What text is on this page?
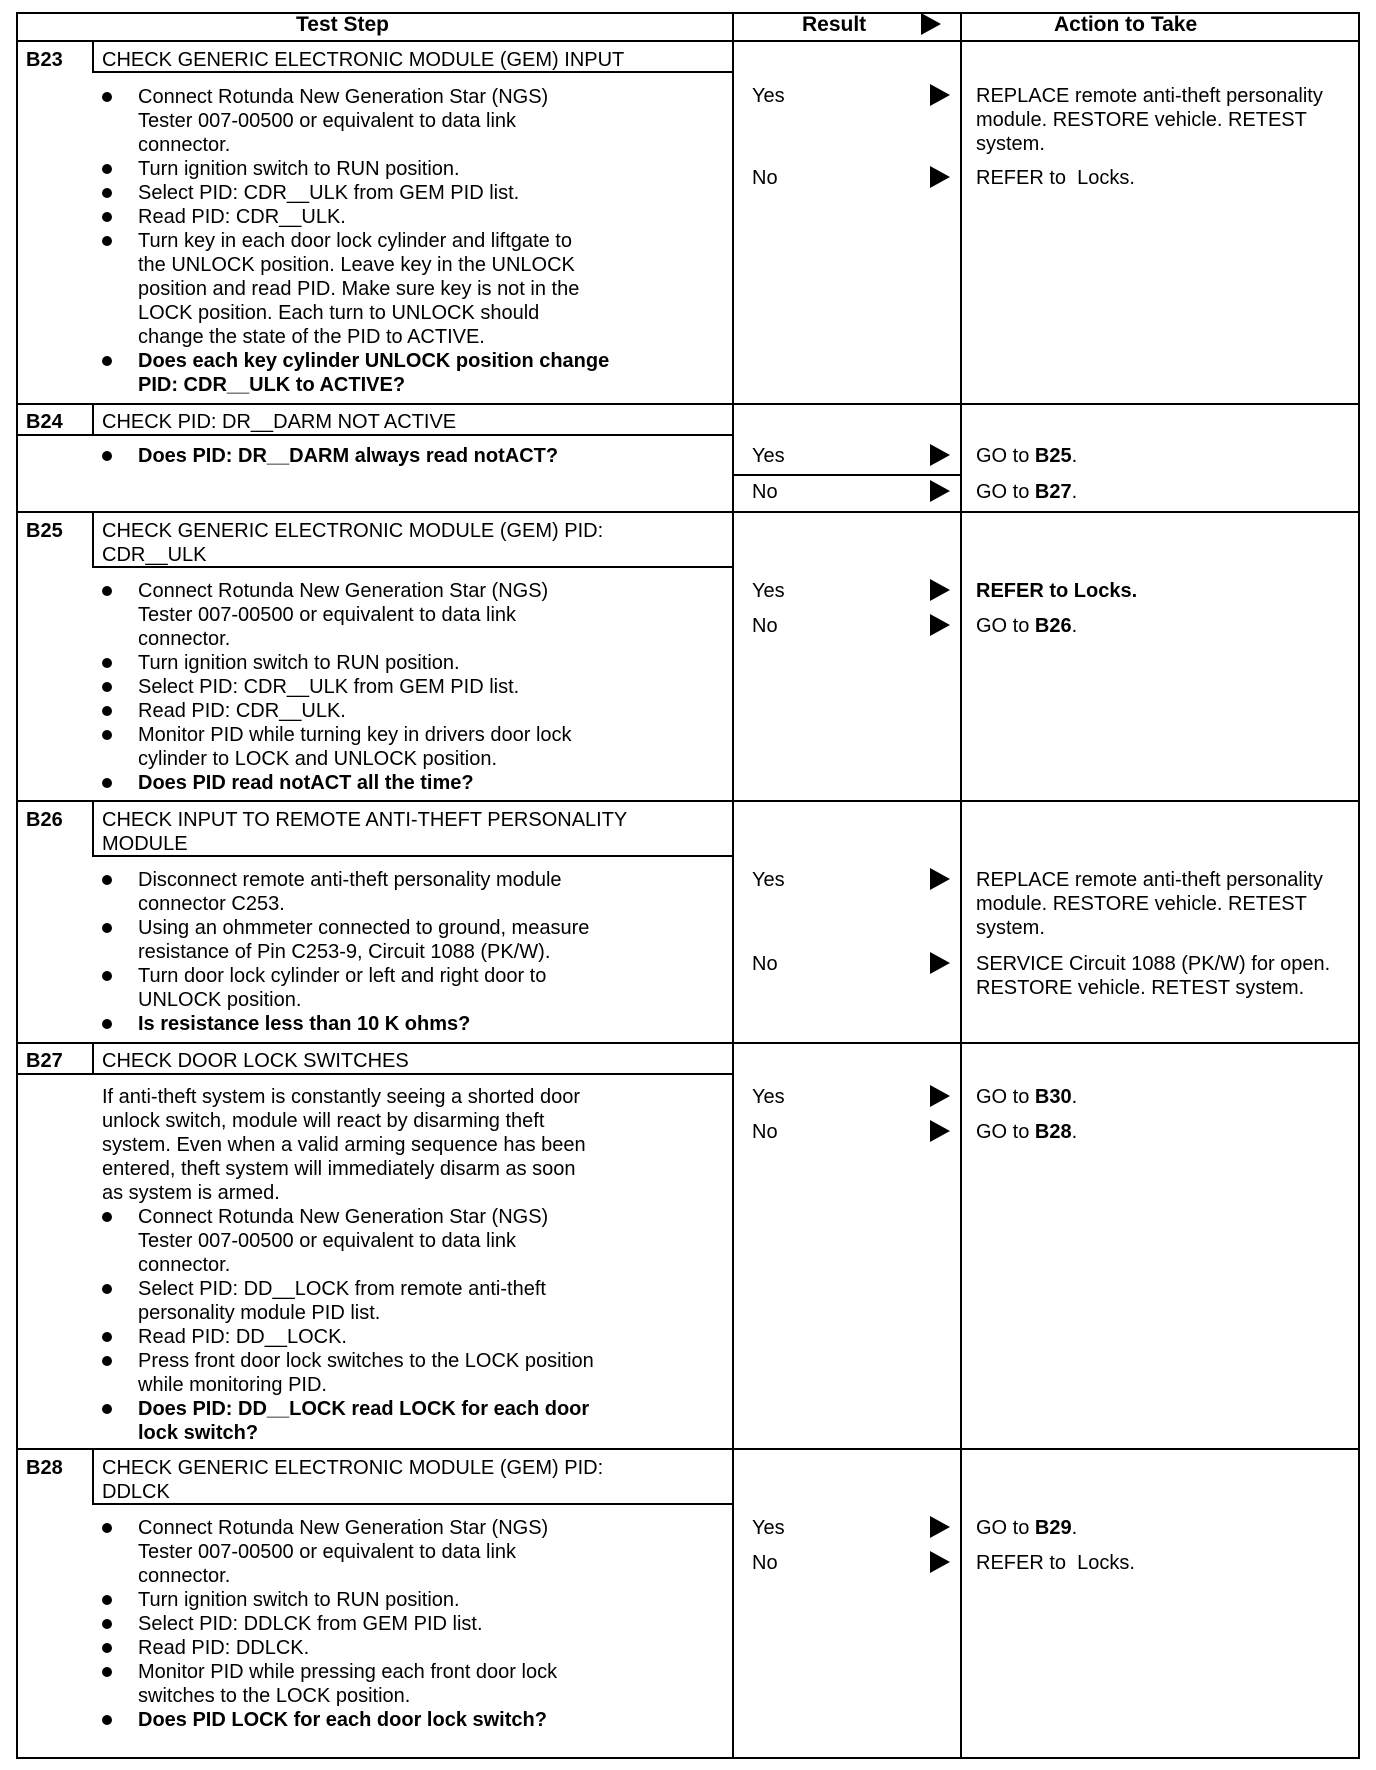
Test Step	Result	Action to Take
B23 CHECK GENERIC ELECTRONIC MODULE (GEM) INPUT
Connect Rotunda New Generation Star (NGS)
Tester 007-00500 or equivalent to data link
connector.
Turn ignition switch to RUN position.
Select PID: CDR__ULK from GEM PID list.
Read PID: CDR__ULK.
Turn key in each door lock cylinder and liftgate to
the UNLOCK position. Leave key in the UNLOCK
position and read PID. Make sure key is not in the
LOCK position. Each turn to UNLOCK should
change the state of the PID to ACTIVE.
Does each key cylinder UNLOCK position change
PID: CDR__ULK to ACTIVE?
Yes	REPLACE remote anti-theft personality module. RESTORE vehicle. RETEST system.
No	REFER to  Locks.
B24 CHECK PID: DR__DARM NOT ACTIVE
Does PID: DR__DARM always read notACT?	Yes	GO to B25.
No	GO to B27.
B25 CHECK GENERIC ELECTRONIC MODULE (GEM) PID:
CDR__ULK
Connect Rotunda New Generation Star (NGS)
Tester 007-00500 or equivalent to data link
connector.
Turn ignition switch to RUN position.
Select PID: CDR__ULK from GEM PID list.
Read PID: CDR__ULK.
Monitor PID while turning key in drivers door lock
cylinder to LOCK and UNLOCK position.
Does PID read notACT all the time?
Yes	REFER to Locks.
No	GO to B26.
B26 CHECK INPUT TO REMOTE ANTI-THEFT PERSONALITY
MODULE
Disconnect remote anti-theft personality module
connector C253.
Using an ohmmeter connected to ground, measure
resistance of Pin C253-9, Circuit 1088 (PK/W).
Turn door lock cylinder or left and right door to
UNLOCK position.
Is resistance less than 10 K ohms?
Yes	REPLACE remote anti-theft personality module. RESTORE vehicle. RETEST system.
No	SERVICE Circuit 1088 (PK/W) for open. RESTORE vehicle. RETEST system.
B27 CHECK DOOR LOCK SWITCHES
If anti-theft system is constantly seeing a shorted door
unlock switch, module will react by disarming theft
system. Even when a valid arming sequence has been
entered, theft system will immediately disarm as soon
as system is armed.
Connect Rotunda New Generation Star (NGS)
Tester 007-00500 or equivalent to data link
connector.
Select PID: DD__LOCK from remote anti-theft
personality module PID list.
Read PID: DD__LOCK.
Press front door lock switches to the LOCK position
while monitoring PID.
Does PID: DD__LOCK read LOCK for each door
lock switch?
Yes	GO to B30.
No	GO to B28.
B28 CHECK GENERIC ELECTRONIC MODULE (GEM) PID:
DDLCK
Connect Rotunda New Generation Star (NGS)
Tester 007-00500 or equivalent to data link
connector.
Turn ignition switch to RUN position.
Select PID: DDLCK from GEM PID list.
Read PID: DDLCK.
Monitor PID while pressing each front door lock
switches to the LOCK position.
Does PID LOCK for each door lock switch?
Yes	GO to B29.
No	REFER to  Locks.
